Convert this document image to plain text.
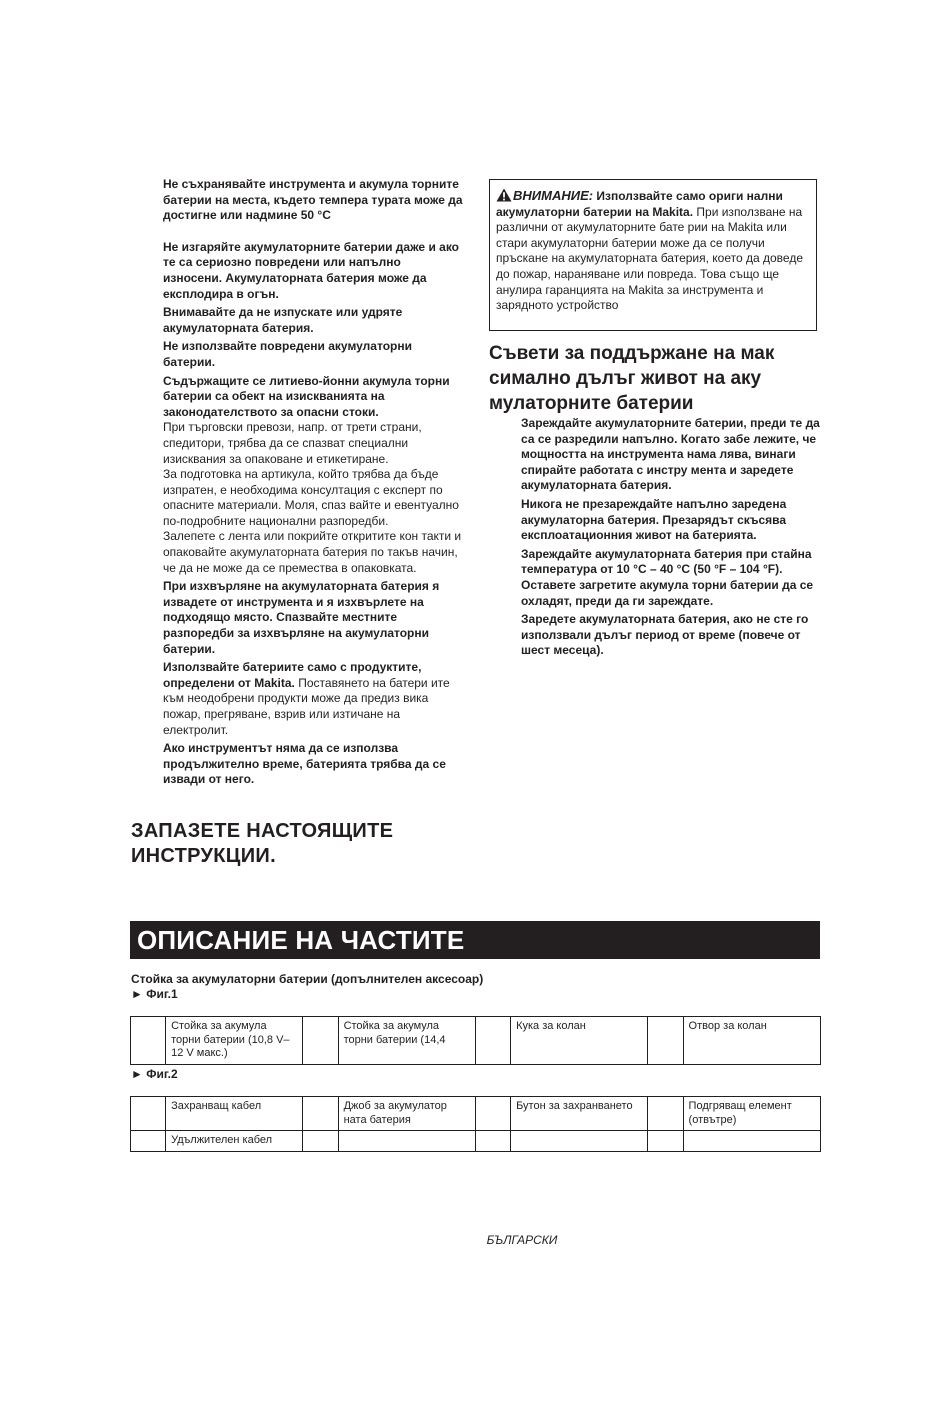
Не съхранявайте инструмента и акумула торните батерии на места, където темпера турата може да достигне или надмине 50 °C

Не изгаряйте акумулаторните батерии даже и ако те са сериозно повредени или напълно износени. Акумулаторната батерия може да експлодира в огън.

Внимавайте да не изпускате или удряте акумулаторната батерия.

Не използвайте повредени акумулаторни батерии.

Съдържащите се литиево-йонни акумула торни батерии са обект на изискванията на законодателството за опасни стоки.

При търговски превози, напр. от трети страни, спедитори, трябва да се спазват специални изисквания за опаковане и етикетиране.

За подготовка на артикула, който трябва да бъде изпратен, е необходима консултация с експерт по опасните материали. Моля, спаз вайте и евентуално по-подробните национални разпоредби.

Залепете с лента или покрийте откритите кон такти и опаковайте акумулаторната батерия по такъв начин, че да не може да се премества в опаковката.

При изхвърляне на акумулаторната батерия я извадете от инструмента и я изхвърлете на подходящо място. Спазвайте местните разпоредби за изхвърляне на акумулаторни батерии.

Използвайте батериите само с продуктите, определени от Makita. Поставянето на батери ите към неодобрени продукти може да предиз вика пожар, прегряване, взрив или изтичане на електролит.

Ако инструментът няма да се използва продължително време, батерията трябва да се извади от него.

ЗАПАЗЕТЕ НАСТОЯЩИТЕ ИНСТРУКЦИИ.
ВНИМАНИЕ: Използвайте само ориги нални акумулаторни батерии на Makita. При използване на различни от акумулаторните бате рии на Makita или стари акумулаторни батерии може да се получи пръскане на акумулаторната батерия, което да доведе до пожар, нараняване или повреда. Това също ще анулира гаранцията на Makita за инструмента и зарядното устройство
Съвети за поддържане на мак симално дълъг живот на аку мулаторните батерии

Зареждайте акумулаторните батерии, преди те да са се разредили напълно. Когато забе лежите, че мощността на инструмента нама лява, винаги спирайте работата с инстру мента и заредете акумулаторната батерия.

Никога не презареждайте напълно заредена акумулаторна батерия. Презарядът скъсява експлоатационния живот на батерията.

Зареждайте акумулаторната батерия при стайна температура от 10 °C – 40 °C (50 °F – 104 °F). Оставете загретите акумула торни батерии да се охладят, преди да ги зареждате.

Заредете акумулаторната батерия, ако не сте го използвали дълъг период от време (повече от шест месеца).

ОПИСАНИЕ НА ЧАСТИТЕ
Стойка за акумулаторни батерии (допълнителен аксесоар)
► Фиг.1
	Стойка за акумула торни батерии (10,8 V–12 V макс.)		Стойка за акумула торни батерии (14,4		Кука за колан		Отвор за колан
► Фиг.2
	Захранващ кабел		Джоб за акумулатор ната батерия		Бутон за захранването		Подгряващ елемент (отвътре)
	Удължителен кабел						
БЪЛГАРСКИ
